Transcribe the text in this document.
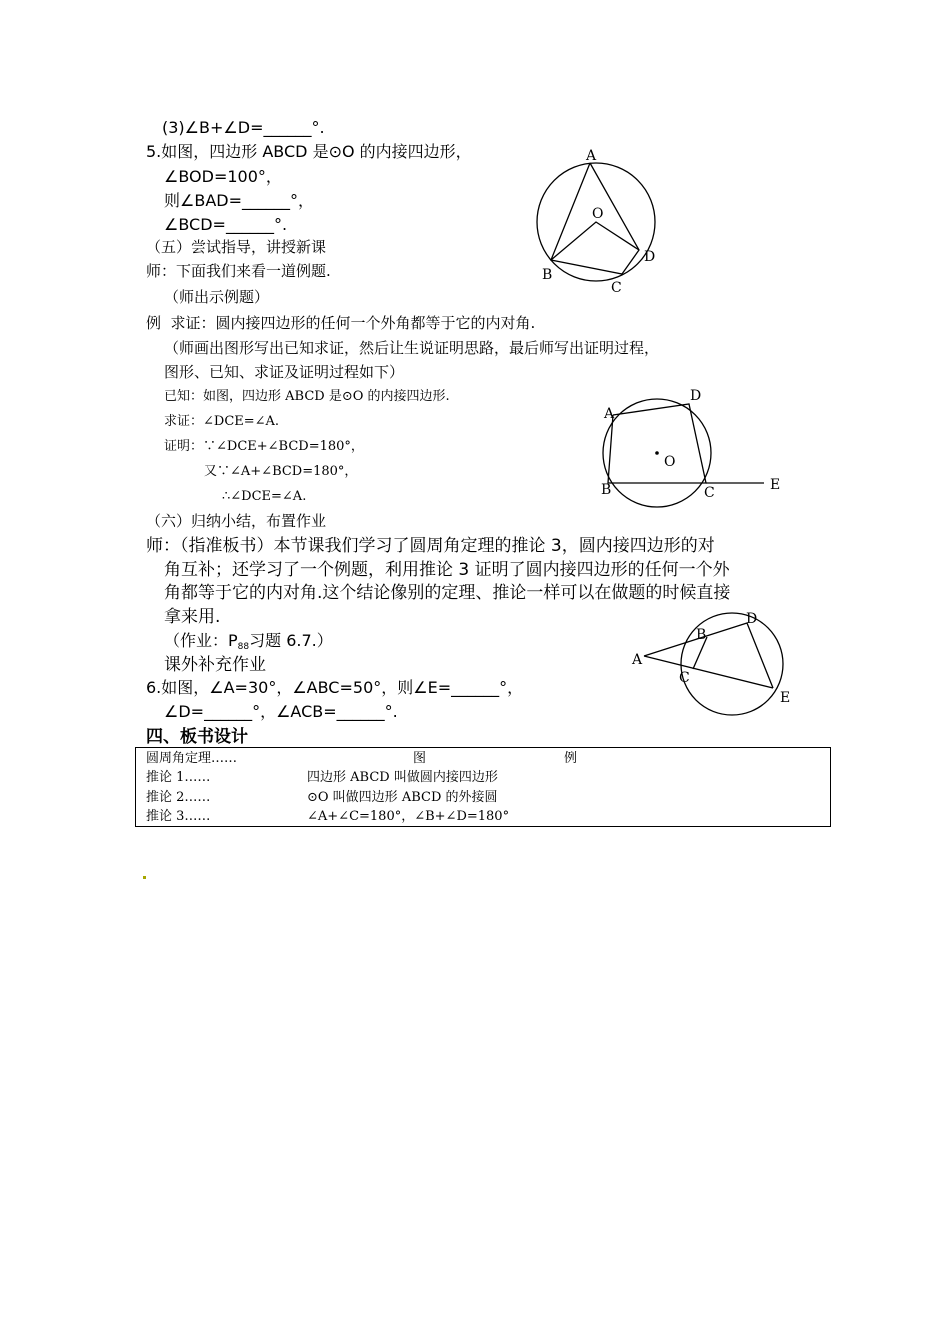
(3)∠B+∠D=______°.
5.如图，四边形 ABCD 是⊙O 的内接四边形，
∠BOD=100°，
则∠BAD=______°，
∠BCD=______°.
A
O
B
C
D
（五）尝试指导，讲授新课
师：下面我们来看一道例题.
（师出示例题）
例  求证：圆内接四边形的任何一个外角都等于它的内对角.
（师画出图形写出已知求证，然后让生说证明思路，最后师写出证明过程，
图形、已知、求证及证明过程如下）
已知：如图，四边形 ABCD 是⊙O 的内接四边形.
求证：∠DCE=∠A.
证明：∵∠DCE+∠BCD=180°，
又∵∠A+∠BCD=180°，
∴∠DCE=∠A.
A
D
O
B	C	E
（六）归纳小结，布置作业
师：（指准板书）本节课我们学习了圆周角定理的推论 3，圆内接四边形的对
角互补；还学习了一个例题，利用推论 3 证明了圆内接四边形的任何一个外
角都等于它的内对角.这个结论像别的定理、推论一样可以在做题的时候直接
拿来用.
（作业：$P_{88}$习题 6.7.）
课外补充作业
6.如图，∠A=30°，∠ABC=50°，则∠E=______°，
∠D=______°，∠ACB=______°.
B
D
A
C
E
四、板书设计
圆周角定理……	图	例
推论 1……	四边形 ABCD 叫做圆内接四边形
推论 2……	⊙O 叫做四边形 ABCD 的外接圆
推论 3……	∠A+∠C=180°，∠B+∠D=180°
